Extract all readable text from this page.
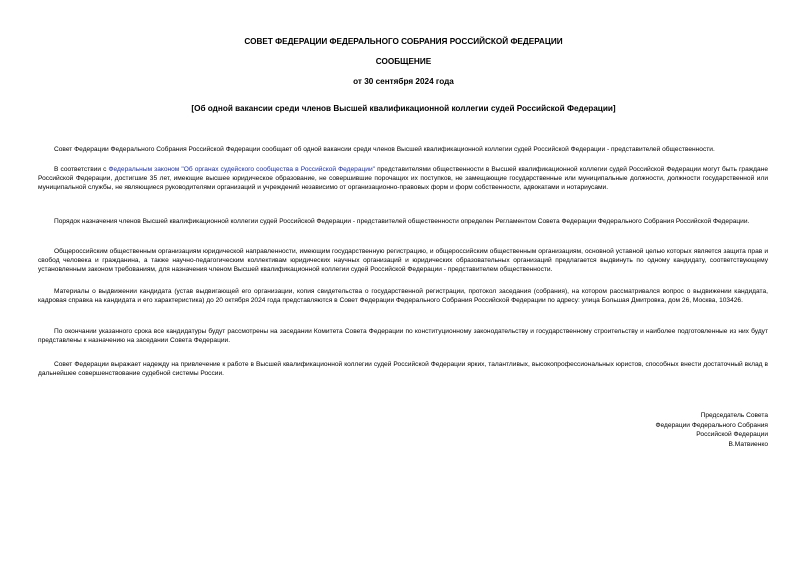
СОВЕТ ФЕДЕРАЦИИ ФЕДЕРАЛЬНОГО СОБРАНИЯ РОССИЙСКОЙ ФЕДЕРАЦИИ
СООБЩЕНИЕ
от 30 сентября 2024 года
[Об одной вакансии среди членов Высшей квалификационной коллегии судей Российской Федерации]

Совет Федерации Федерального Собрания Российской Федерации сообщает об одной вакансии среди членов Высшей квалификационной коллегии судей Российской Федерации - представителей общественности.

В соответствии с Федеральным законом "Об органах судейского сообщества в Российской Федерации" представителями общественности в Высшей квалификационной коллегии судей Российской Федерации могут быть граждане Российской Федерации, достигшие 35 лет, имеющие высшее юридическое образование, не совершившие порочащих их поступков, не замещающие государственные или муниципальные должности, должности государственной или муниципальной службы, не являющиеся руководителями организаций и учреждений независимо от организационно-правовых форм и форм собственности, адвокатами и нотариусами.

Порядок назначения членов Высшей квалификационной коллегии судей Российской Федерации - представителей общественности определен Регламентом Совета Федерации Федерального Собрания Российской Федерации.

Общероссийским общественным организациям юридической направленности, имеющим государственную регистрацию, и общероссийским общественным организациям, основной уставной целью которых является защита прав и свобод человека и гражданина, а также научно-педагогическим коллективам юридических научных организаций и юридических образовательных организаций предлагается выдвинуть по одному кандидату, соответствующему установленным законом требованиям, для назначения членом Высшей квалификационной коллегии судей Российской Федерации - представителем общественности.

Материалы о выдвижении кандидата (устав выдвигающей его организации, копия свидетельства о государственной регистрации, протокол заседания (собрания), на котором рассматривался вопрос о выдвижении кандидата, кадровая справка на кандидата и его характеристика) до 20 октября 2024 года представляются в Совет Федерации Федерального Собрания Российской Федерации по адресу: улица Большая Дмитровка, дом 26, Москва, 103426.

По окончании указанного срока все кандидатуры будут рассмотрены на заседании Комитета Совета Федерации по конституционному законодательству и государственному строительству и наиболее подготовленные из них будут представлены к назначению на заседании Совета Федерации.

Совет Федерации выражает надежду на привлечение к работе в Высшей квалификационной коллегии судей Российской Федерации ярких, талантливых, высокопрофессиональных юристов, способных внести достаточный вклад в дальнейшее совершенствование судебной системы России.

Председатель Совета
Федерации Федерального Собрания
Российской Федерации
В.Матвиенко
